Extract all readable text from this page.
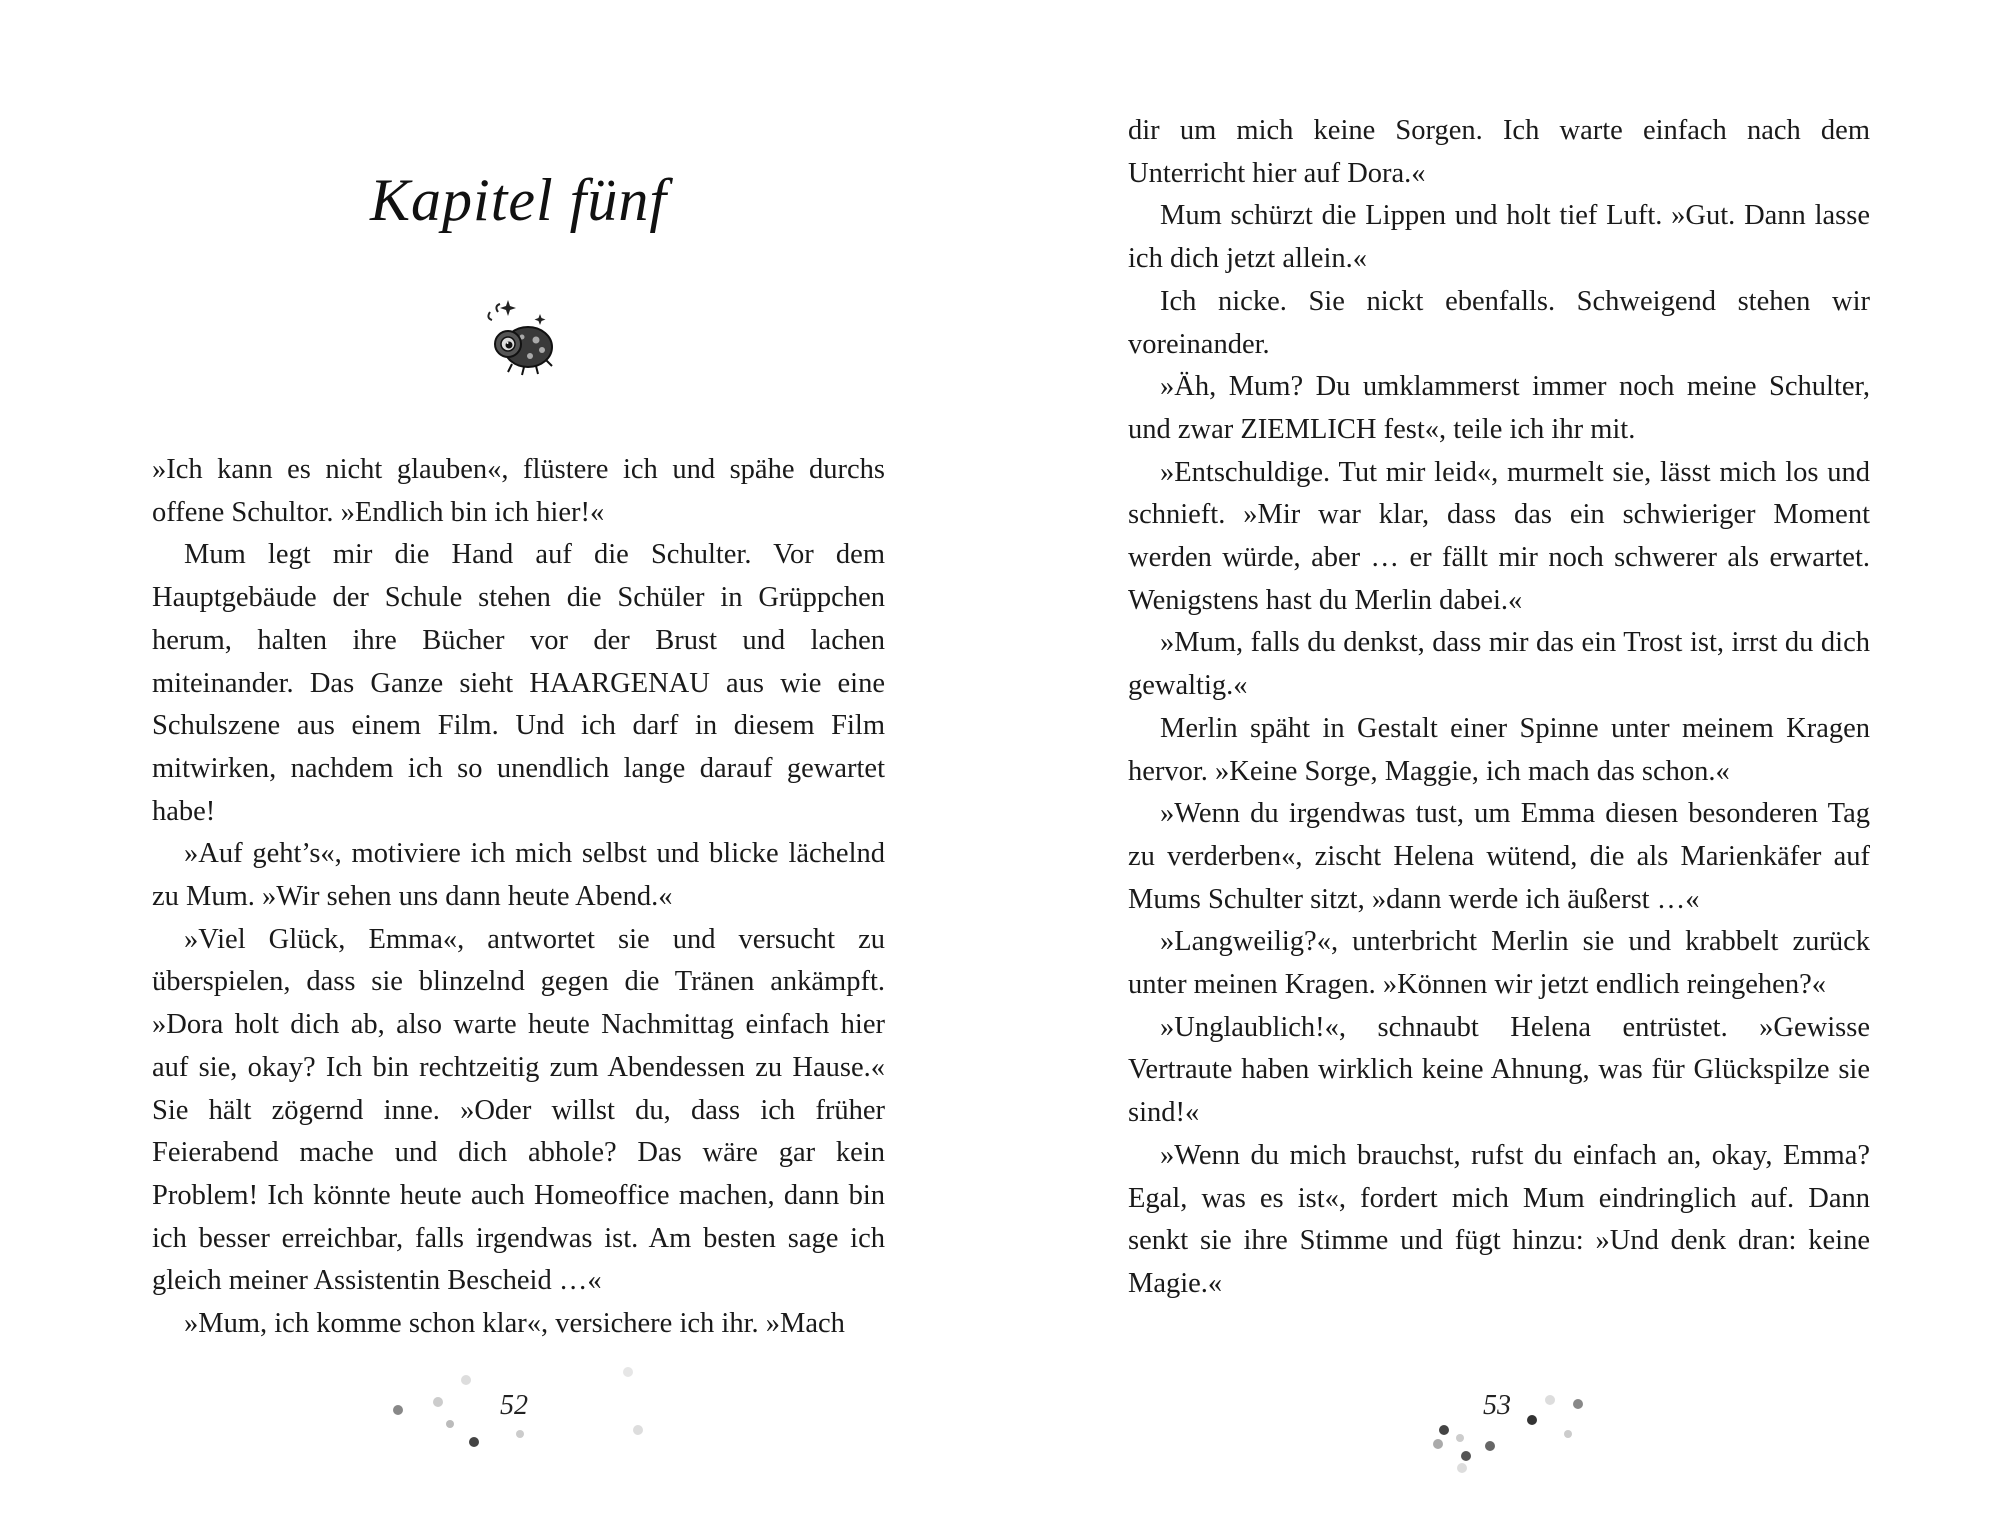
Kapitel fünf

»Ich kann es nicht glauben«, flüstere ich und spähe durchs offene Schultor. »Endlich bin ich hier!«

Mum legt mir die Hand auf die Schulter. Vor dem Hauptgebäude der Schule stehen die Schüler in Grüppchen herum, halten ihre Bücher vor der Brust und lachen miteinander. Das Ganze sieht HAARGENAU aus wie eine Schulszene aus einem Film. Und ich darf in diesem Film mitwirken, nachdem ich so unendlich lange darauf gewartet habe!

»Auf geht’s«, motiviere ich mich selbst und blicke lächelnd zu Mum. »Wir sehen uns dann heute Abend.«

»Viel Glück, Emma«, antwortet sie und versucht zu überspielen, dass sie blinzelnd gegen die Tränen ankämpft. »Dora holt dich ab, also warte heute Nachmittag einfach hier auf sie, okay? Ich bin rechtzeitig zum Abendessen zu Hause.« Sie hält zögernd inne. »Oder willst du, dass ich früher Feierabend mache und dich abhole? Das wäre gar kein Problem! Ich könnte heute auch Homeoffice machen, dann bin ich besser erreichbar, falls irgendwas ist. Am besten sage ich gleich meiner Assistentin Bescheid …«

»Mum, ich komme schon klar«, versichere ich ihr. »Mach

52

dir um mich keine Sorgen. Ich warte einfach nach dem Unterricht hier auf Dora.«

Mum schürzt die Lippen und holt tief Luft. »Gut. Dann lasse ich dich jetzt allein.«

Ich nicke. Sie nickt ebenfalls. Schweigend stehen wir voreinander.

»Äh, Mum? Du umklammerst immer noch meine Schulter, und zwar ZIEMLICH fest«, teile ich ihr mit.

»Entschuldige. Tut mir leid«, murmelt sie, lässt mich los und schnieft. »Mir war klar, dass das ein schwieriger Moment werden würde, aber … er fällt mir noch schwerer als erwartet. Wenigstens hast du Merlin dabei.«

»Mum, falls du denkst, dass mir das ein Trost ist, irrst du dich gewaltig.«

Merlin späht in Gestalt einer Spinne unter meinem Kragen hervor. »Keine Sorge, Maggie, ich mach das schon.«

»Wenn du irgendwas tust, um Emma diesen besonderen Tag zu verderben«, zischt Helena wütend, die als Marienkäfer auf Mums Schulter sitzt, »dann werde ich äußerst …«

»Langweilig?«, unterbricht Merlin sie und krabbelt zurück unter meinen Kragen. »Können wir jetzt endlich reingehen?«

»Unglaublich!«, schnaubt Helena entrüstet. »Gewisse Vertraute haben wirklich keine Ahnung, was für Glückspilze sie sind!«

»Wenn du mich brauchst, rufst du einfach an, okay, Emma? Egal, was es ist«, fordert mich Mum eindringlich auf. Dann senkt sie ihre Stimme und fügt hinzu: »Und denk dran: keine Magie.«

53
